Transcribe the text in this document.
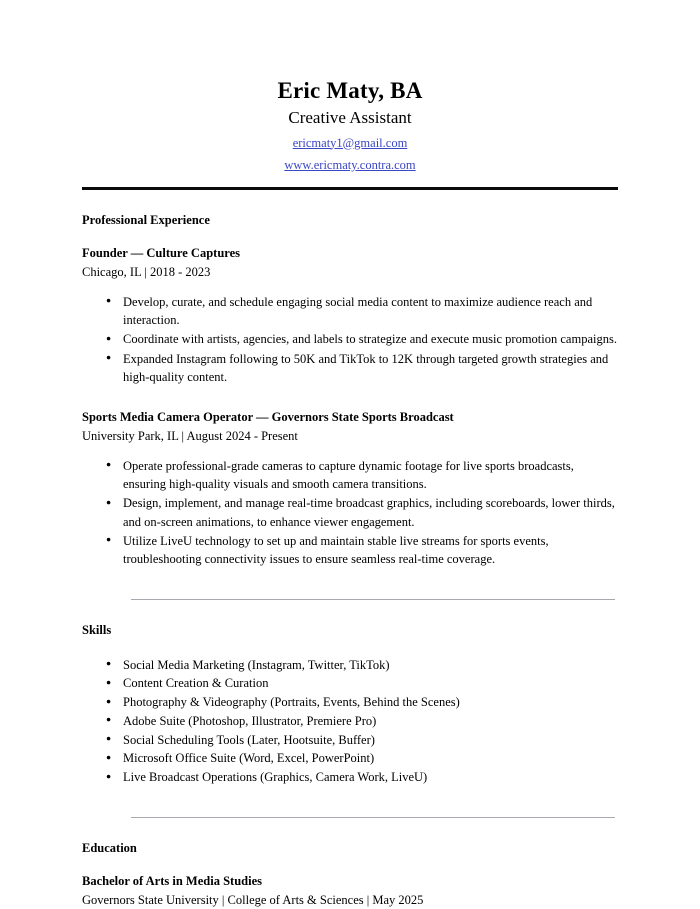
Eric Maty, BA
Creative Assistant
ericmaty1@gmail.com
www.ericmaty.contra.com
Professional Experience
Founder — Culture Captures
Chicago, IL | 2018 - 2023
● Develop, curate, and schedule engaging social media content to maximize audience reach and interaction.
● Coordinate with artists, agencies, and labels to strategize and execute music promotion campaigns.
● Expanded Instagram following to 50K and TikTok to 12K through targeted growth strategies and high-quality content.
Sports Media Camera Operator — Governors State Sports Broadcast
University Park, IL | August 2024 - Present
● Operate professional-grade cameras to capture dynamic footage for live sports broadcasts, ensuring high-quality visuals and smooth camera transitions.
● Design, implement, and manage real-time broadcast graphics, including scoreboards, lower thirds, and on-screen animations, to enhance viewer engagement.
● Utilize LiveU technology to set up and maintain stable live streams for sports events, troubleshooting connectivity issues to ensure seamless real-time coverage.
Skills
● Social Media Marketing (Instagram, Twitter, TikTok)
● Content Creation & Curation
● Photography & Videography (Portraits, Events, Behind the Scenes)
● Adobe Suite (Photoshop, Illustrator, Premiere Pro)
● Social Scheduling Tools (Later, Hootsuite, Buffer)
● Microsoft Office Suite (Word, Excel, PowerPoint)
● Live Broadcast Operations (Graphics, Camera Work, LiveU)
Education
Bachelor of Arts in Media Studies
Governors State University | College of Arts & Sciences | May 2025
